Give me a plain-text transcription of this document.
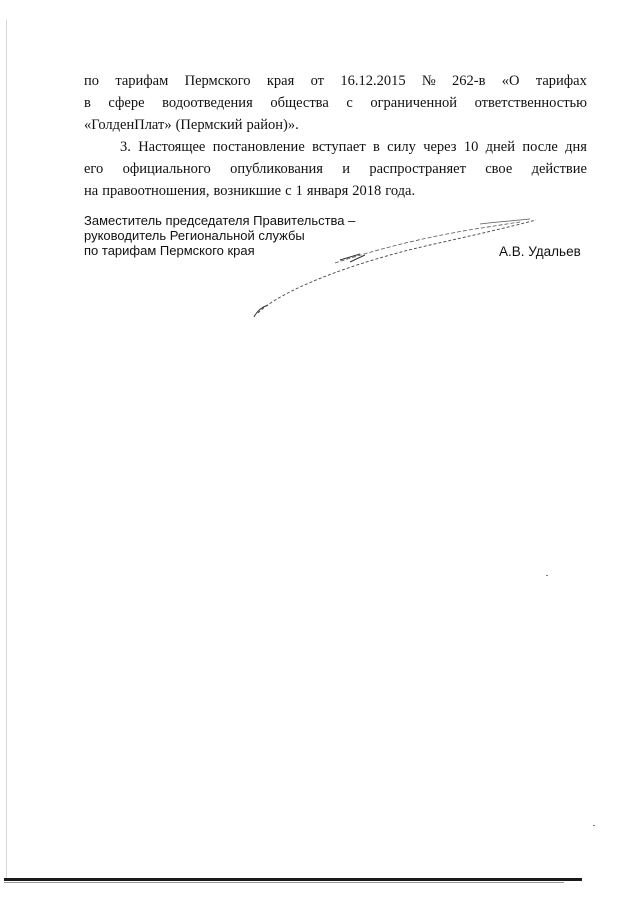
по тарифам Пермского края от 16.12.2015 № 262-в «О тарифах
в сфере водоотведения общества с ограниченной ответственностью
«ГолденПлат» (Пермский район)».
3. Настоящее постановление вступает в силу через 10 дней после дня
его официального опубликования и распространяет свое действие
на правоотношения, возникшие с 1 января 2018 года.
Заместитель председателя Правительства –
руководитель Региональной службы
по тарифам Пермского края	А.В. Удальев
